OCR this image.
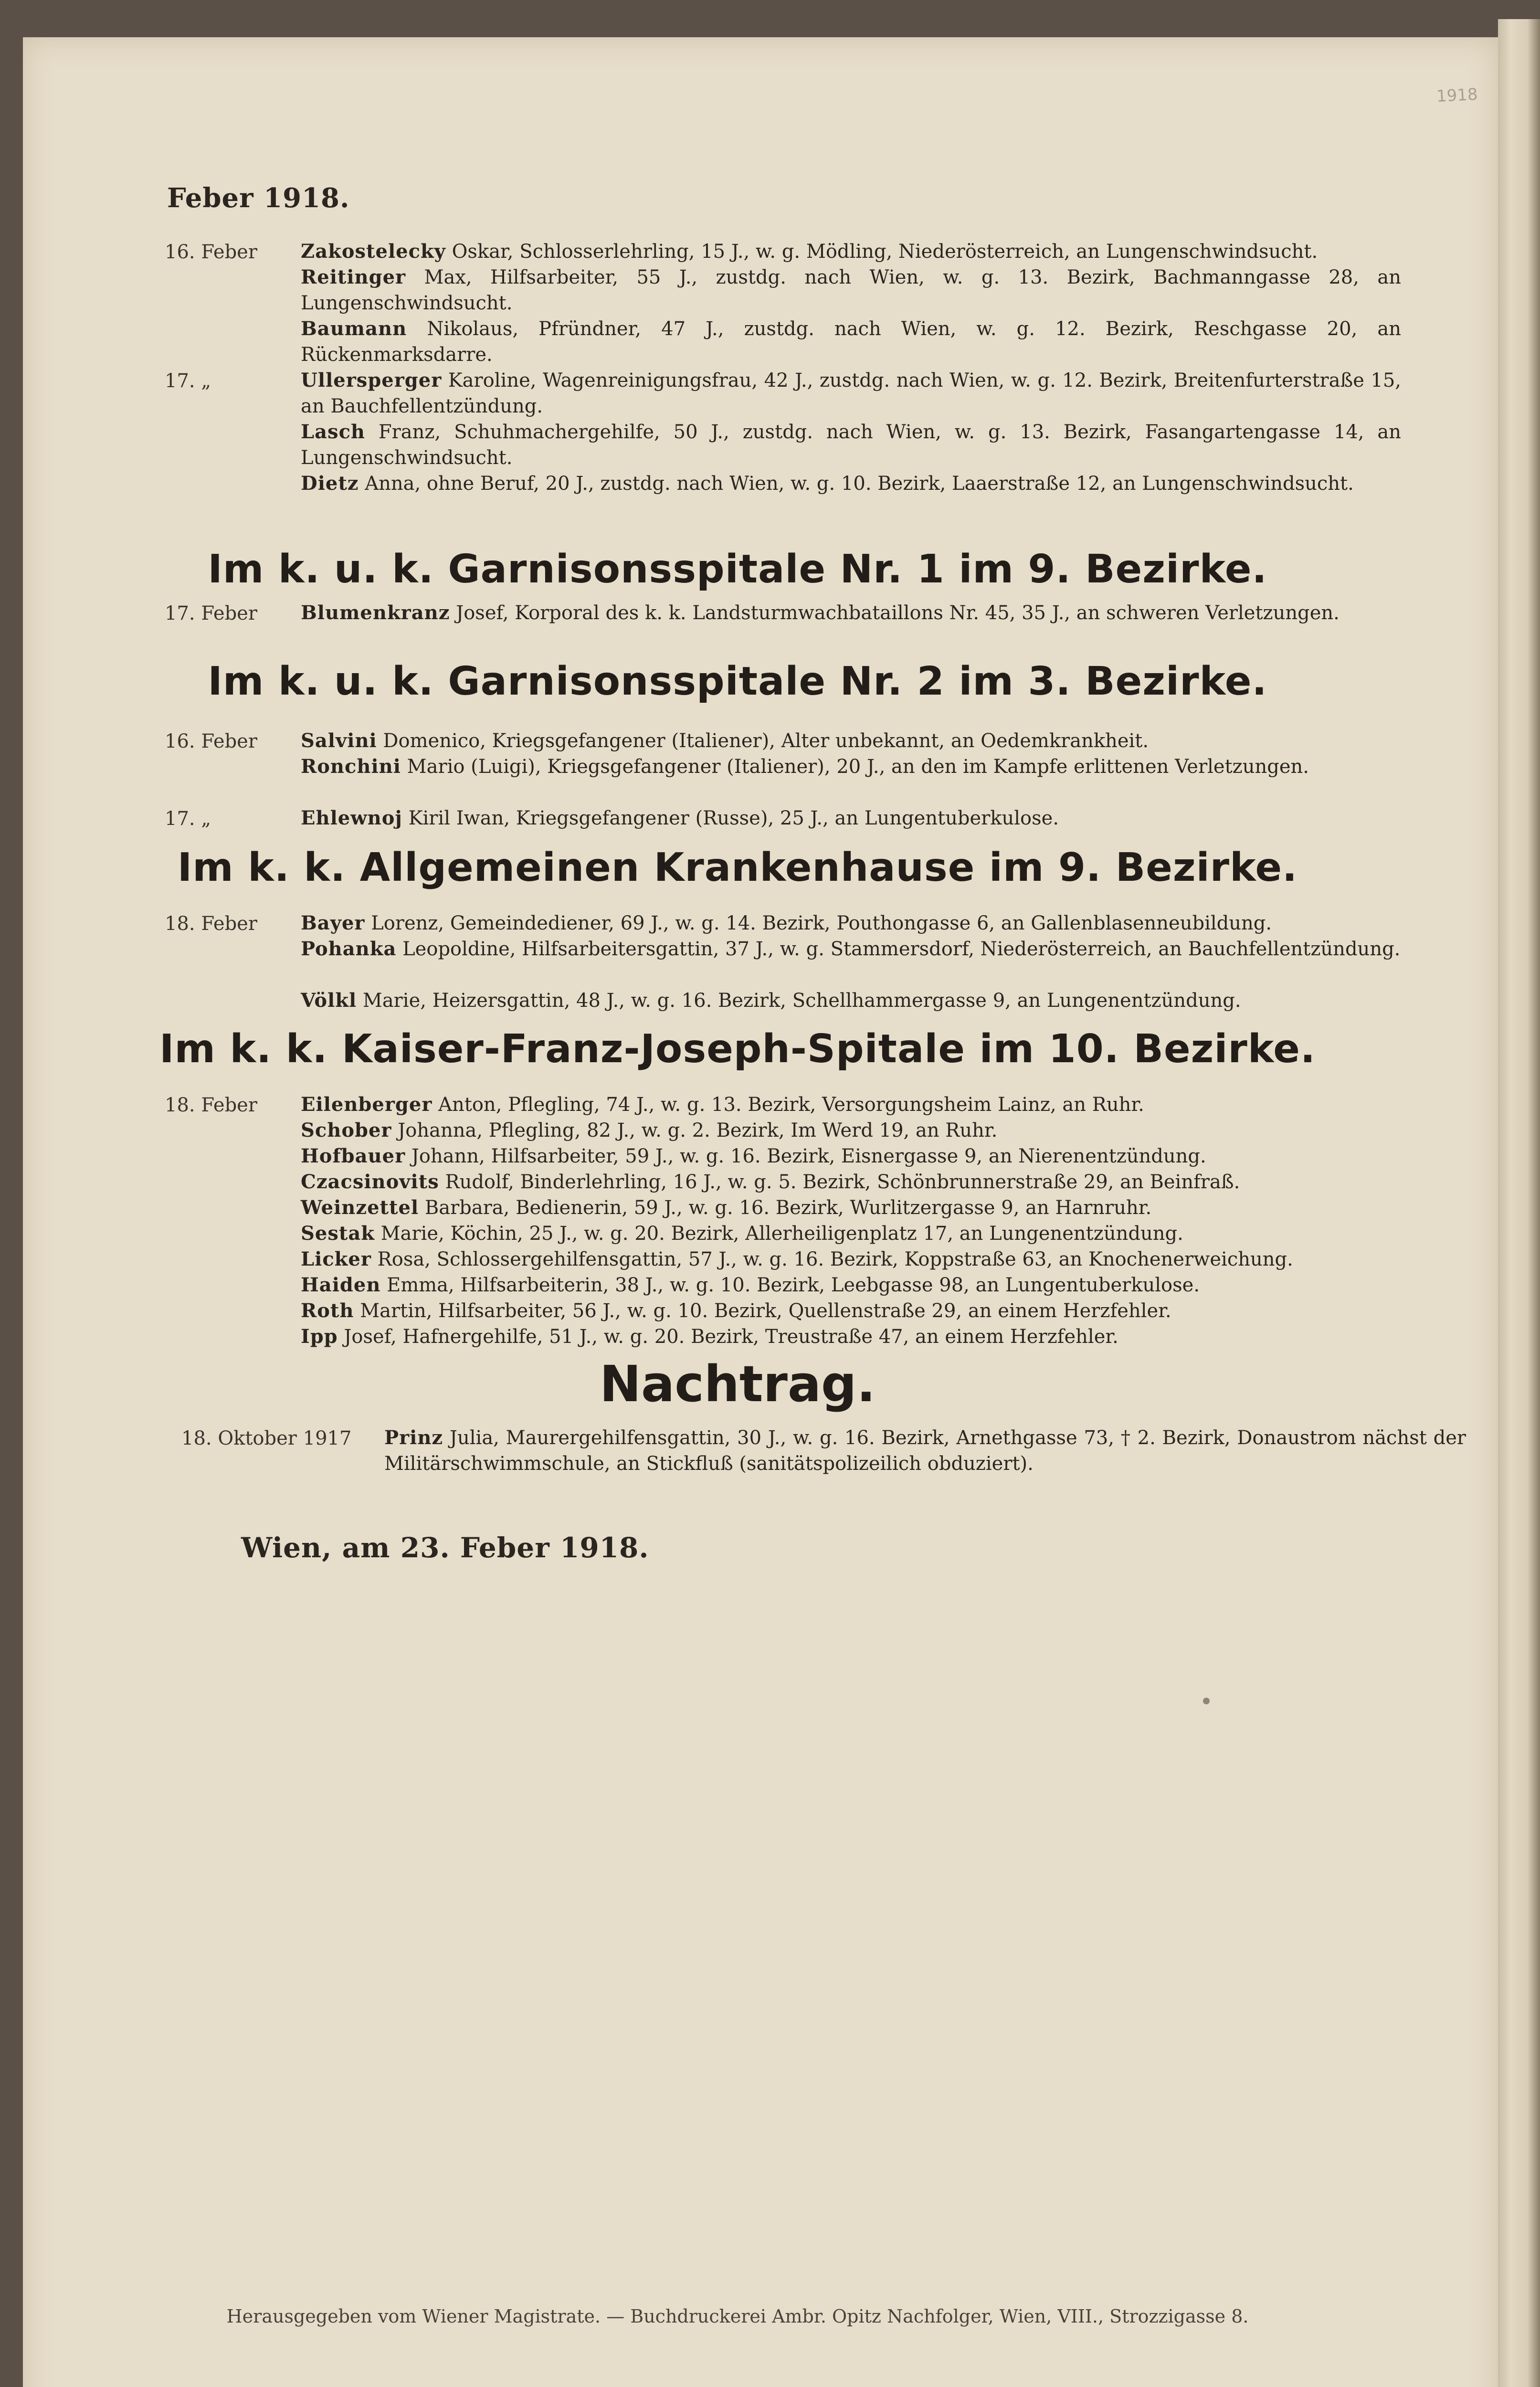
1918
Feber 1918.
16. Feber	Zakostelecky Oskar, Schlosserlehrling, 15 J., w. g. Mödling, Niederösterreich, an Lungenschwindsucht.
Reitinger Max, Hilfsarbeiter, 55 J., zustdg. nach Wien, w. g. 13. Bezirk, Bachmanngasse 28, an Lungenschwindsucht.
Baumann Nikolaus, Pfründner, 47 J., zustdg. nach Wien, w. g. 12. Bezirk, Reschgasse 20, an Rückenmarksdarre.
17. „	Ullersperger Karoline, Wagenreinigungsfrau, 42 J., zustdg. nach Wien, w. g. 12. Bezirk, Breitenfurterstraße 15, an Bauchfellentzündung.
Lasch Franz, Schuhmachergehilfe, 50 J., zustdg. nach Wien, w. g. 13. Bezirk, Fasangartengasse 14, an Lungenschwindsucht.
Dietz Anna, ohne Beruf, 20 J., zustdg. nach Wien, w. g. 10. Bezirk, Laaerstraße 12, an Lungenschwindsucht.
Im k. u. k. Garnisonsspitale Nr. 1 im 9. Bezirke.
17. Feber	Blumenkranz Josef, Korporal des k. k. Landsturmwachbataillons Nr. 45, 35 J., an schweren Verletzungen.
Im k. u. k. Garnisonsspitale Nr. 2 im 3. Bezirke.
16. Feber	Salvini Domenico, Kriegsgefangener (Italiener), Alter unbekannt, an Oedemkrankheit.
Ronchini Mario (Luigi), Kriegsgefangener (Italiener), 20 J., an den im Kampfe erlittenen Verletzungen.
17. „	Ehlewnoj Kiril Iwan, Kriegsgefangener (Russe), 25 J., an Lungentuberkulose.
Im k. k. Allgemeinen Krankenhause im 9. Bezirke.
18. Feber	Bayer Lorenz, Gemeindediener, 69 J., w. g. 14. Bezirk, Pouthongasse 6, an Gallenblasenneubildung.
Pohanka Leopoldine, Hilfsarbeitersgattin, 37 J., w. g. Stammersdorf, Niederösterreich, an Bauchfellentzündung.
Völkl Marie, Heizersgattin, 48 J., w. g. 16. Bezirk, Schellhammergasse 9, an Lungenentzündung.
Im k. k. Kaiser-Franz-Joseph-Spitale im 10. Bezirke.
18. Feber	Eilenberger Anton, Pflegling, 74 J., w. g. 13. Bezirk, Versorgungsheim Lainz, an Ruhr.
Schober Johanna, Pflegling, 82 J., w. g. 2. Bezirk, Im Werd 19, an Ruhr.
Hofbauer Johann, Hilfsarbeiter, 59 J., w. g. 16. Bezirk, Eisnergasse 9, an Nierenentzündung.
Czacsinovits Rudolf, Binderlehrling, 16 J., w. g. 5. Bezirk, Schönbrunnerstraße 29, an Beinfraß.
Weinzettel Barbara, Bedienerin, 59 J., w. g. 16. Bezirk, Wurlitzergasse 9, an Harnruhr.
Sestak Marie, Köchin, 25 J., w. g. 20. Bezirk, Allerheiligenplatz 17, an Lungenentzündung.
Licker Rosa, Schlossergehilfensgattin, 57 J., w. g. 16. Bezirk, Koppstraße 63, an Knochenerweichung.
Haiden Emma, Hilfsarbeiterin, 38 J., w. g. 10. Bezirk, Leebgasse 98, an Lungentuberkulose.
Roth Martin, Hilfsarbeiter, 56 J., w. g. 10. Bezirk, Quellenstraße 29, an einem Herzfehler.
Ipp Josef, Hafnergehilfe, 51 J., w. g. 20. Bezirk, Treustraße 47, an einem Herzfehler.
Nachtrag.
18. Oktober 1917	Prinz Julia, Maurergehilfensgattin, 30 J., w. g. 16. Bezirk, Arnethgasse 73, † 2. Bezirk, Donaustrom nächst der Militärschwimmschule, an Stickfluß (sanitätspolizeilich obduziert).
Wien, am 23. Feber 1918.
Herausgegeben vom Wiener Magistrate. — Buchdruckerei Ambr. Opitz Nachfolger, Wien, VIII., Strozzigasse 8.
